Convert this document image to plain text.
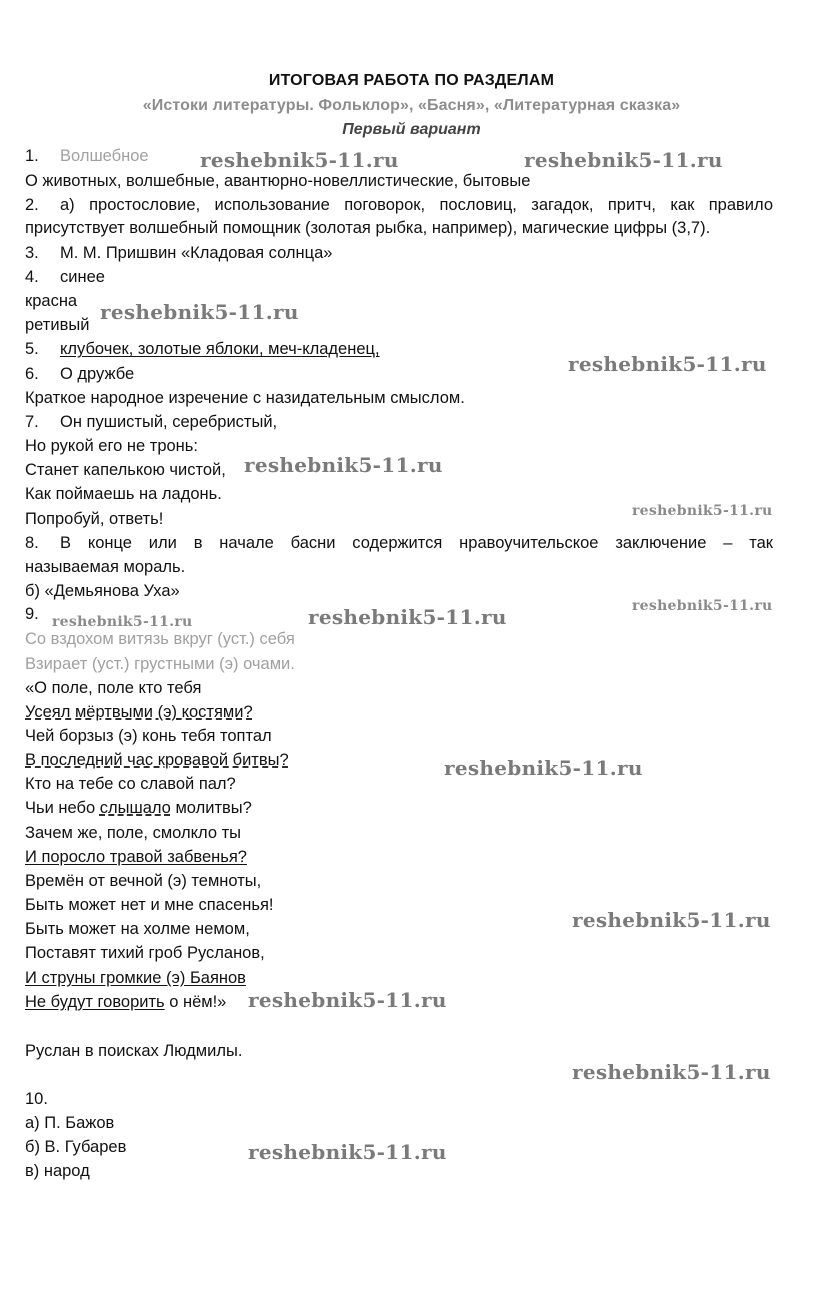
ИТОГОВАЯ РАБОТА ПО РАЗДЕЛАМ
«Истоки литературы. Фольклор», «Басня», «Литературная сказка»
Первый вариант
1. Волшебное
О животных, волшебные, авантюрно-новеллистические, бытовые
2. а) простословие, использование поговорок, пословиц, загадок, притч, как правило
присутствует волшебный помощник (золотая рыбка, например), магические цифры (3,7).
3. М. М. Пришвин «Кладовая солнца»
4. синее
красна
ретивый
5. клубочек, золотые яблоки, меч-кладенец,
6. О дружбе
Краткое народное изречение с назидательным смыслом.
7. Он пушистый, серебристый,
Но рукой его не тронь:
Станет капелькою чистой,
Как поймаешь на ладонь.
Попробуй, ответь!
8. В конце или в начале басни содержится нравоучительское заключение – так
называемая мораль.
б) «Демьянова Уха»
9.
Со вздохом витязь вкруг (уст.) себя
Взирает (уст.) грустными (э) очами.
«О поле, поле кто тебя
Усеял мёртвыми (э) костями?
Чей борзыз (э) конь тебя топтал
В последний час кровавой битвы?
Кто на тебе со славой пал?
Чьи небо слышало молитвы?
Зачем же, поле, смолкло ты
И поросло травой забвенья?
Времён от вечной (э) темноты,
Быть может нет и мне спасенья!
Быть может на холме немом,
Поставят тихий гроб Русланов,
И струны громкие (э) Баянов
Не будут говорить о нём!»
Руслан в поисках Людмилы.
10.
а) П. Бажов
б) В. Губарев
в) народ
reshebnik5-11.ru	reshebnik5-11.ru
reshebnik5-11.ru
reshebnik5-11.ru
reshebnik5-11.ru
reshebnik5-11.ru
reshebnik5-11.ru	reshebnik5-11.ru	reshebnik5-11.ru
reshebnik5-11.ru
reshebnik5-11.ru
reshebnik5-11.ru
reshebnik5-11.ru
reshebnik5-11.ru
